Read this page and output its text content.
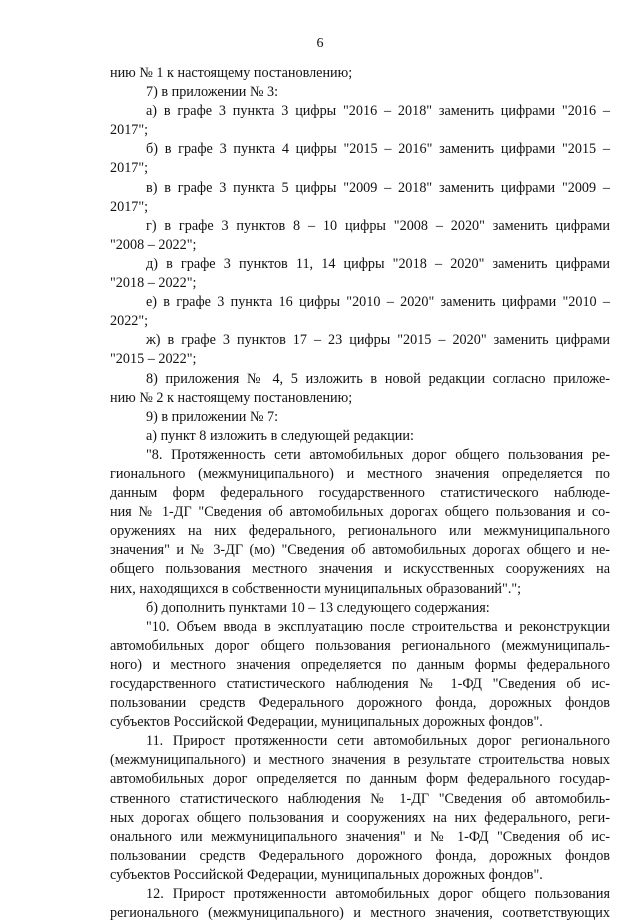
6
нию № 1 к настоящему постановлению;
7) в приложении № 3:
а) в графе 3 пункта 3 цифры "2016 – 2018" заменить цифрами "2016 –
2017";
б) в графе 3 пункта 4 цифры "2015 – 2016" заменить цифрами "2015 –
2017";
в) в графе 3 пункта 5 цифры "2009 – 2018" заменить цифрами "2009 –
2017";
г) в графе 3 пунктов 8 – 10 цифры "2008 – 2020" заменить цифрами
"2008 – 2022";
д) в графе 3 пунктов 11, 14 цифры "2018 – 2020" заменить цифрами
"2018 – 2022";
е) в графе 3 пункта 16 цифры "2010 – 2020" заменить цифрами "2010 –
2022";
ж) в графе 3 пунктов 17 – 23 цифры "2015 – 2020" заменить цифрами
"2015 – 2022";
8) приложения № 4, 5 изложить в новой редакции согласно приложе-
нию № 2 к настоящему постановлению;
9) в приложении № 7:
а) пункт 8 изложить в следующей редакции:
"8. Протяженность сети автомобильных дорог общего пользования ре-
гионального (межмуниципального) и местного значения определяется по
данным форм федерального государственного статистического наблюде-
ния № 1-ДГ "Сведения об автомобильных дорогах общего пользования и со-
оружениях на них федерального, регионального или межмуниципального
значения" и № 3-ДГ (мо) "Сведения об автомобильных дорогах общего и не-
общего пользования местного значения и искусственных сооружениях на
них, находящихся в собственности муниципальных образований".";
б) дополнить пунктами 10 – 13 следующего содержания:
"10. Объем ввода в эксплуатацию после строительства и реконструкции
автомобильных дорог общего пользования регионального (межмуниципаль-
ного) и местного значения определяется по данным формы федерального
государственного статистического наблюдения № 1-ФД "Сведения об ис-
пользовании средств Федерального дорожного фонда, дорожных фондов
субъектов Российской Федерации, муниципальных дорожных фондов".
11. Прирост протяженности сети автомобильных дорог регионального
(межмуниципального) и местного значения в результате строительства новых
автомобильных дорог определяется по данным форм федерального государ-
ственного статистического наблюдения № 1-ДГ "Сведения об автомобиль-
ных дорогах общего пользования и сооружениях на них федерального, реги-
онального или межмуниципального значения" и № 1-ФД "Сведения об ис-
пользовании средств Федерального дорожного фонда, дорожных фондов
субъектов Российской Федерации, муниципальных дорожных фондов".
12. Прирост протяженности автомобильных дорог общего пользования
регионального (межмуниципального) и местного значения, соответствующих
